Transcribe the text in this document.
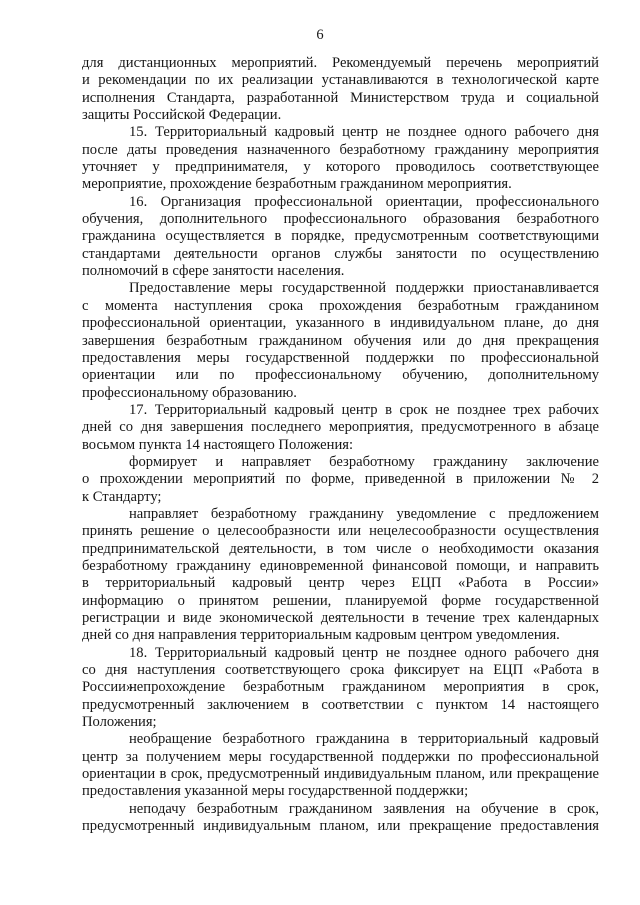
6
для дистанционных мероприятий. Рекомендуемый перечень мероприятий
и рекомендации по их реализации устанавливаются в технологической карте
исполнения Стандарта, разработанной Министерством труда и социальной
защиты Российской Федерации.
15. Территориальный кадровый центр не позднее одного рабочего дня
после даты проведения назначенного безработному гражданину мероприятия
уточняет у предпринимателя, у которого проводилось соответствующее
мероприятие, прохождение безработным гражданином мероприятия.
16. Организация профессиональной ориентации, профессионального
обучения, дополнительного профессионального образования безработного
гражданина осуществляется в порядке, предусмотренным соответствующими
стандартами деятельности органов службы занятости по осуществлению
полномочий в сфере занятости населения.
Предоставление меры государственной поддержки приостанавливается
с момента наступления срока прохождения безработным гражданином
профессиональной ориентации, указанного в индивидуальном плане, до дня
завершения безработным гражданином обучения или до дня прекращения
предоставления меры государственной поддержки по профессиональной
ориентации или по профессиональному обучению, дополнительному
профессиональному образованию.
17. Территориальный кадровый центр в срок не позднее трех рабочих
дней со дня завершения последнего мероприятия, предусмотренного в абзаце
восьмом пункта 14 настоящего Положения:
формирует и направляет безработному гражданину заключение
о прохождении мероприятий по форме, приведенной в приложении № 2
к Стандарту;
направляет безработному гражданину уведомление с предложением
принять решение о целесообразности или нецелесообразности осуществления
предпринимательской деятельности, в том числе о необходимости оказания
безработному гражданину единовременной финансовой помощи, и направить
в территориальный кадровый центр через ЕЦП «Работа в России»
информацию о принятом решении, планируемой форме государственной
регистрации и виде экономической деятельности в течение трех календарных
дней со дня направления территориальным кадровым центром уведомления.
18. Территориальный кадровый центр не позднее одного рабочего дня
со дня наступления соответствующего срока фиксирует на ЕЦП «Работа в России»:
непрохождение безработным гражданином мероприятия в срок,
предусмотренный заключением в соответствии с пунктом 14 настоящего
Положения;
необращение безработного гражданина в территориальный кадровый
центр за получением меры государственной поддержки по профессиональной
ориентации в срок, предусмотренный индивидуальным планом, или прекращение
предоставления указанной меры государственной поддержки;
неподачу безработным гражданином заявления на обучение в срок,
предусмотренный индивидуальным планом, или прекращение предоставления
